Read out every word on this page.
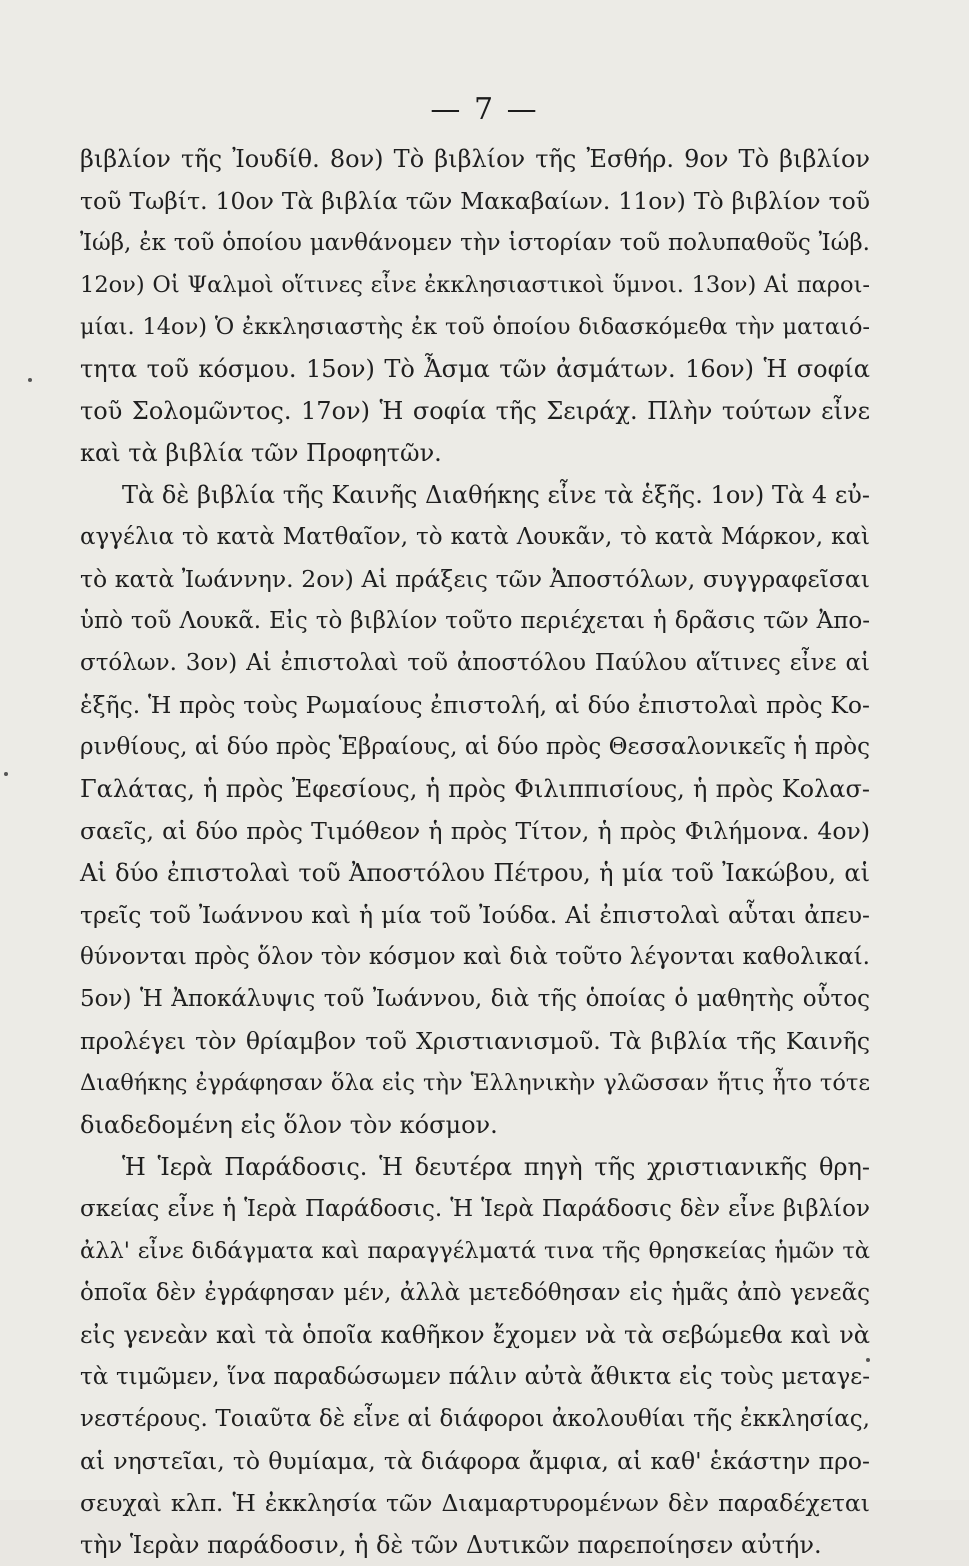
— 7 —
βιβλίον τῆς Ἰουδίθ. 8ον) Τὸ βιβλίον τῆς Ἐσθήρ. 9ον Τὸ βιβλίον
τοῦ Τωβίτ. 10ον Τὰ βιβλία τῶν Μακαβαίων. 11ον) Τὸ βιβλίον τοῦ
Ἰώβ, ἐκ τοῦ ὁποίου μανθάνομεν τὴν ἱστορίαν τοῦ πολυπαθοῦς Ἰώβ.
12ον) Οἱ Ψαλμοὶ οἵτινες εἶνε ἐκκλησιαστικοὶ ὕμνοι. 13ον) Αἱ παροι-
μίαι. 14ον) Ὁ ἐκκλησιαστὴς ἐκ τοῦ ὁποίου διδασκόμεθα τὴν ματαιό-
τητα τοῦ κόσμου. 15ον) Τὸ Ἆσμα τῶν ἀσμάτων. 16ον) Ἡ σοφία
τοῦ Σολομῶντος. 17ον) Ἡ σοφία τῆς Σειράχ. Πλὴν τούτων εἶνε
καὶ τὰ βιβλία τῶν Προφητῶν.
Τὰ δὲ βιβλία τῆς Καινῆς Διαθήκης εἶνε τὰ ἑξῆς. 1ον) Τὰ 4 εὐ-
αγγέλια τὸ κατὰ Ματθαῖον, τὸ κατὰ Λουκᾶν, τὸ κατὰ Μάρκον, καὶ
τὸ κατὰ Ἰωάννην. 2ον) Αἱ πράξεις τῶν Ἀποστόλων, συγγραφεῖσαι
ὑπὸ τοῦ Λουκᾶ. Εἰς τὸ βιβλίον τοῦτο περιέχεται ἡ δρᾶσις τῶν Ἀπο-
στόλων. 3ον) Αἱ ἐπιστολαὶ τοῦ ἀποστόλου Παύλου αἵτινες εἶνε αἱ
ἑξῆς. Ἡ πρὸς τοὺς Ρωμαίους ἐπιστολή, αἱ δύο ἐπιστολαὶ πρὸς Κο-
ρινθίους, αἱ δύο πρὸς Ἑβραίους, αἱ δύο πρὸς Θεσσαλονικεῖς ἡ πρὸς
Γαλάτας, ἡ πρὸς Ἐφεσίους, ἡ πρὸς Φιλιππισίους, ἡ πρὸς Κολασ-
σαεῖς, αἱ δύο πρὸς Τιμόθεον ἡ πρὸς Τίτον, ἡ πρὸς Φιλήμονα. 4ον)
Αἱ δύο ἐπιστολαὶ τοῦ Ἀποστόλου Πέτρου, ἡ μία τοῦ Ἰακώβου, αἱ
τρεῖς τοῦ Ἰωάννου καὶ ἡ μία τοῦ Ἰούδα. Αἱ ἐπιστολαὶ αὗται ἀπευ-
θύνονται πρὸς ὅλον τὸν κόσμον καὶ διὰ τοῦτο λέγονται καθολικαί.
5ον) Ἡ Ἀποκάλυψις τοῦ Ἰωάννου, διὰ τῆς ὁποίας ὁ μαθητὴς οὗτος
προλέγει τὸν θρίαμβον τοῦ Χριστιανισμοῦ. Τὰ βιβλία τῆς Καινῆς
Διαθήκης ἐγράφησαν ὅλα εἰς τὴν Ἑλληνικὴν γλῶσσαν ἥτις ἦτο τότε
διαδεδομένη εἰς ὅλον τὸν κόσμον.
Ἡ Ἱερὰ Παράδοσις. Ἡ δευτέρα πηγὴ τῆς χριστιανικῆς θρη-
σκείας εἶνε ἡ Ἱερὰ Παράδοσις. Ἡ Ἱερὰ Παράδοσις δὲν εἶνε βιβλίον
ἀλλ' εἶνε διδάγματα καὶ παραγγέλματά τινα τῆς θρησκείας ἡμῶν τὰ
ὁποῖα δὲν ἐγράφησαν μέν, ἀλλὰ μετεδόθησαν εἰς ἡμᾶς ἀπὸ γενεᾶς
εἰς γενεὰν καὶ τὰ ὁποῖα καθῆκον ἔχομεν νὰ τὰ σεβώμεθα καὶ νὰ
τὰ τιμῶμεν, ἵνα παραδώσωμεν πάλιν αὐτὰ ἄθικτα εἰς τοὺς μεταγε-
νεστέρους. Τοιαῦτα δὲ εἶνε αἱ διάφοροι ἀκολουθίαι τῆς ἐκκλησίας,
αἱ νηστεῖαι, τὸ θυμίαμα, τὰ διάφορα ἄμφια, αἱ καθ' ἑκάστην προ-
σευχαὶ κλπ. Ἡ ἐκκλησία τῶν Διαμαρτυρομένων δὲν παραδέχεται
τὴν Ἱερὰν παράδοσιν, ἡ δὲ τῶν Δυτικῶν παρεποίησεν αὐτήν.
